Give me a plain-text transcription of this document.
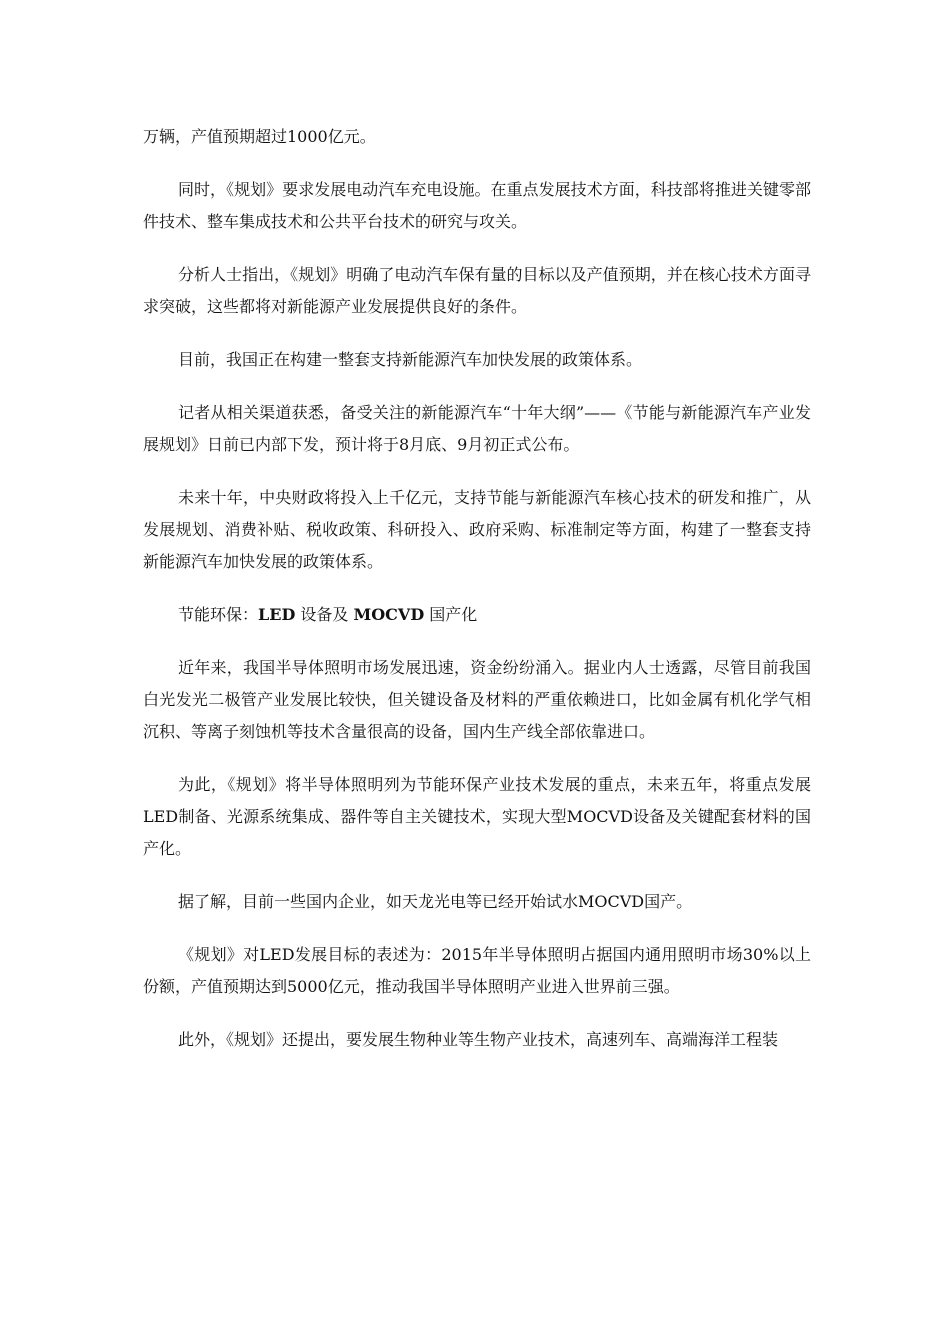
万辆，产值预期超过1000亿元。

同时，《规划》要求发展电动汽车充电设施。在重点发展技术方面，科技部将推进关键零部件技术、整车集成技术和公共平台技术的研究与攻关。

分析人士指出，《规划》明确了电动汽车保有量的目标以及产值预期，并在核心技术方面寻求突破，这些都将对新能源产业发展提供良好的条件。

目前，我国正在构建一整套支持新能源汽车加快发展的政策体系。

记者从相关渠道获悉，备受关注的新能源汽车“十年大纲”——《节能与新能源汽车产业发展规划》日前已内部下发，预计将于8月底、9月初正式公布。

未来十年，中央财政将投入上千亿元，支持节能与新能源汽车核心技术的研发和推广，从发展规划、消费补贴、税收政策、科研投入、政府采购、标准制定等方面，构建了一整套支持新能源汽车加快发展的政策体系。

节能环保：LED 设备及 MOCVD 国产化

近年来，我国半导体照明市场发展迅速，资金纷纷涌入。据业内人士透露，尽管目前我国白光发光二极管产业发展比较快，但关键设备及材料的严重依赖进口，比如金属有机化学气相沉积、等离子刻蚀机等技术含量很高的设备，国内生产线全部依靠进口。

为此，《规划》将半导体照明列为节能环保产业技术发展的重点，未来五年，将重点发展LED制备、光源系统集成、器件等自主关键技术，实现大型MOCVD设备及关键配套材料的国产化。

据了解，目前一些国内企业，如天龙光电等已经开始试水MOCVD国产。

《规划》对LED发展目标的表述为：2015年半导体照明占据国内通用照明市场30%以上份额，产值预期达到5000亿元，推动我国半导体照明产业进入世界前三强。

此外，《规划》还提出，要发展生物种业等生物产业技术，高速列车、高端海洋工程装
